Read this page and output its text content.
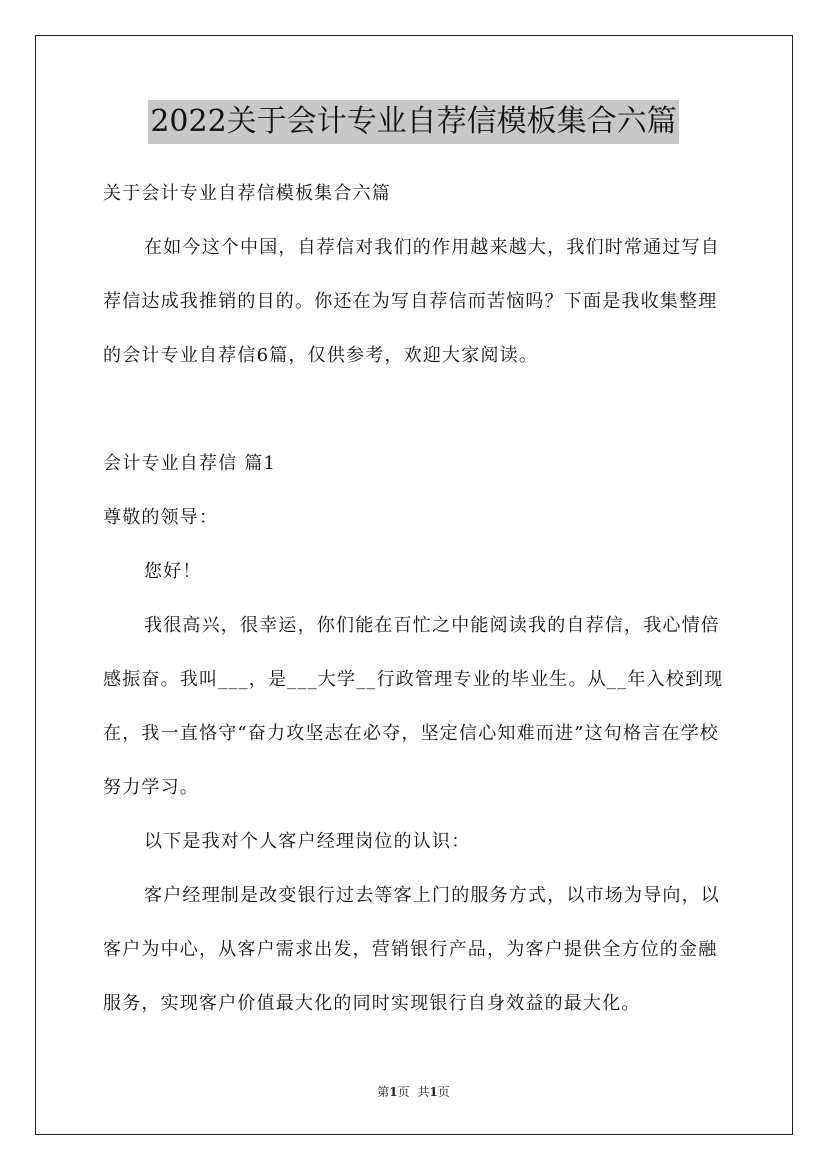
2022关于会计专业自荐信模板集合六篇

关于会计专业自荐信模板集合六篇

在如今这个中国，自荐信对我们的作用越来越大，我们时常通过写自荐信达成我推销的目的。你还在为写自荐信而苦恼吗？下面是我收集整理的会计专业自荐信6篇，仅供参考，欢迎大家阅读。

会计专业自荐信 篇1

尊敬的领导：

您好！

我很高兴，很幸运，你们能在百忙之中能阅读我的自荐信，我心情倍感振奋。我叫___，是___大学__行政管理专业的毕业生。从__年入校到现在，我一直恪守“奋力攻坚志在必夺，坚定信心知难而进”这句格言在学校努力学习。

以下是我对个人客户经理岗位的认识：

客户经理制是改变银行过去等客上门的服务方式，以市场为导向，以客户为中心，从客户需求出发，营销银行产品，为客户提供全方位的金融服务，实现客户价值最大化的同时实现银行自身效益的最大化。

第1页 共1页
